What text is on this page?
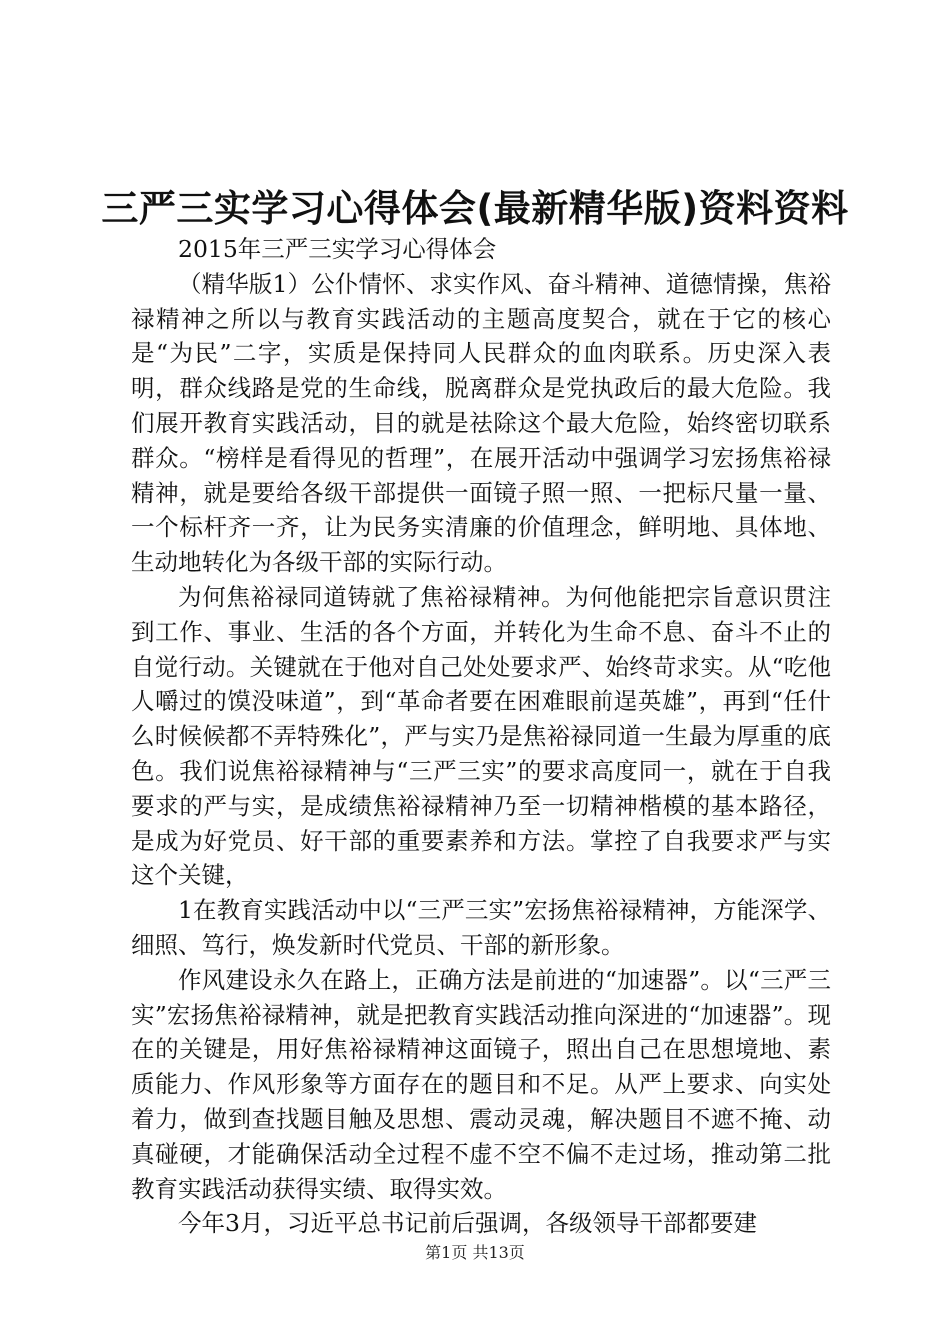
三严三实学习心得体会(最新精华版)资料资料

2015年三严三实学习心得体会

（精华版1）公仆情怀、求实作风、奋斗精神、道德情操，焦裕禄精神之所以与教育实践活动的主题高度契合，就在于它的核心是“为民”二字，实质是保持同人民群众的血肉联系。历史深入表明，群众线路是党的生命线，脱离群众是党执政后的最大危险。我们展开教育实践活动，目的就是祛除这个最大危险，始终密切联系群众。“榜样是看得见的哲理”，在展开活动中强调学习宏扬焦裕禄精神，就是要给各级干部提供一面镜子照一照、一把标尺量一量、一个标杆齐一齐，让为民务实清廉的价值理念，鲜明地、具体地、生动地转化为各级干部的实际行动。

为何焦裕禄同道铸就了焦裕禄精神。为何他能把宗旨意识贯注到工作、事业、生活的各个方面，并转化为生命不息、奋斗不止的自觉行动。关键就在于他对自己处处要求严、始终苛求实。从“吃他人嚼过的馍没味道”，到“革命者要在困难眼前逞英雄”，再到“任什么时候候都不弄特殊化”，严与实乃是焦裕禄同道一生最为厚重的底色。我们说焦裕禄精神与“三严三实”的要求高度同一，就在于自我要求的严与实，是成绩焦裕禄精神乃至一切精神楷模的基本路径，是成为好党员、好干部的重要素养和方法。掌控了自我要求严与实这个关键，

1在教育实践活动中以“三严三实”宏扬焦裕禄精神，方能深学、细照、笃行，焕发新时代党员、干部的新形象。

作风建设永久在路上，正确方法是前进的“加速器”。以“三严三实”宏扬焦裕禄精神，就是把教育实践活动推向深进的“加速器”。现在的关键是，用好焦裕禄精神这面镜子，照出自己在思想境地、素质能力、作风形象等方面存在的题目和不足。从严上要求、向实处着力，做到查找题目触及思想、震动灵魂，解决题目不遮不掩、动真碰硬，才能确保活动全过程不虚不空不偏不走过场，推动第二批教育实践活动获得实绩、取得实效。

今年3月，习近平总书记前后强调，各级领导干部都要建

第1页 共13页
